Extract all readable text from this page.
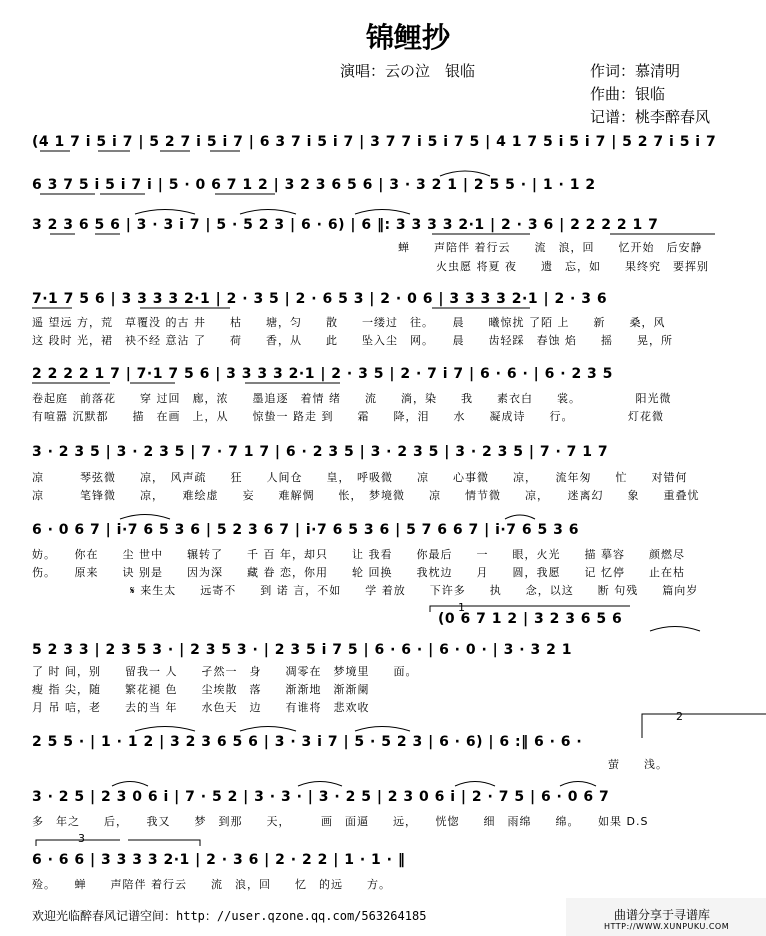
锦鲤抄
演唱：云の泣　银临	作词：慕清明
作曲：银临
记谱：桃李醉春风
(4 1 7 i 5 i 7 | 5 2 7 i 5 i 7 | 6 3 7 i 5 i 7 | 3 7 7 i 5 i 7 5 | 4 1 7 5 i 5 i 7 | 5 2 7 i 5 i 7
6 3 7 5 i 5 i 7 i | 5 · 0 6 7 1 2 | 3 2 3 6 5 6 | 3 · 3 2 1 | 2 5 5 · | 1 · 1 2
3 2 3 6 5 6 | 3 · 3 i 7 | 5 · 5 2 3 | 6 · 6) | 6 ‖: 3 3 3 3 2·1 | 2 · 3 6 | 2 2 2 2 1 7
蝉　　声陪伴 着行云　　流　浪，回　　忆开始　后安静
火虫愿 将夏 夜　　遗　忘，如　　果终究　要挥别
7·1 7 5 6 | 3 3 3 3 2·1 | 2 · 3 5 | 2 · 6 5 3 | 2 · 0 6 | 3 3 3 3 2·1 | 2 · 3 6
遥 望远 方，荒　草覆没 的古 井　　枯　　塘，匀　　散　　一缕过　往。　　晨　　曦惊扰 了陌 上　　新　　桑，风
这 段时 光，裙　袂不经 意沾 了　　荷　　香，从　　此　　坠入尘　网。　　晨　　齿轻踩　春蚀 焰　　摇　　晃，所
2 2 2 2 1 7 | 7·1 7 5 6 | 3 3 3 3 2·1 | 2 · 3 5 | 2 · 7 i 7 | 6 · 6 · | 6 · 2 3 5
卷起庭　前落花　　穿 过回　廊，浓　　墨追逐　着情 绪　　流　　淌，染　　我　　素衣白　　裳。　　　　　阳光微
有喧嚣 沉默都　　描　在画　上，从　　惊蛰一 路走 到　　霜　　降，泪　　水　　凝成诗　　行。　　　　　灯花微
3 · 2 3 5 | 3 · 2 3 5 | 7 · 7 1 7 | 6 · 2 3 5 | 3 · 2 3 5 | 3 · 2 3 5 | 7 · 7 1 7
凉　　　琴弦微　　凉，　风声疏　　狂　　人间仓　　皇，　呼吸微　　凉　　心事微　　凉，　　流年匆　　忙　　对错何
凉　　　笔锋微　　凉，　　难绘虚　　妄　　难解惆　　怅，　梦境微　　凉　　情节微　　凉，　　迷离幻　　象　　重叠忧
6 · 0 6 7 | i·7 6 5 3 6 | 5 2 3 6 7 | i·7 6 5 3 6 | 5 7 6 6 7 | i·7 6 5 3 6
妨。　　你在　　尘 世中　　辗转了　　千 百 年，却只　　让 我看　　你最后　　一　　眼，火光　　描 摹容　　颜燃尽
伤。　　原来　　诀 别是　　因为深　　藏 眷 恋，你用　　轮 回换　　我枕边　　月　　圆，我愿　　记 忆停　　止在枯
𝄋 来生太　　远寄不　　到 诺 言，不如　　学 着放　　下许多　　执　　念，以这　　断 句残　　篇向岁
1
(0 6 7 1 2 | 3 2 3 6 5 6
5 2 3 3 | 2 3 5 3 · | 2 3 5 3 · | 2 3 5 i 7 5 | 6 · 6 · | 6 · 0 · | 3 · 3 2 1
了 时 间，别　　留我一 人　　孑然一　身　　凋零在　梦境里　　面。
瘦 指 尖，随　　繁花褪 色　　尘埃散　落　　渐渐地　渐渐阑
月 吊 唁，老　　去的当 年　　水色天　边　　有谁将　悲欢收
2
2 5 5 · | 1 · 1 2 | 3 2 3 6 5 6 | 3 · 3 i 7 | 5 · 5 2 3 | 6 · 6) | 6 :‖ 6 · 6 ·
萤　　浅。
3 · 2 5 | 2 3 0 6 i | 7 · 5 2 | 3 · 3 · | 3 · 2 5 | 2 3 0 6 i | 2 · 7 5 | 6 · 0 6 7
多　年之　　后，　　我又　　梦　到那　　天，　　　画　面逼　　远，　　恍惚　　细　雨绵　　绵。　　如果 D.S
3
6 · 6 6 | 3 3 3 3 2·1 | 2 · 3 6 | 2 · 2 2 | 1 · 1 · ‖
殓。　　蝉　　声陪伴 着行云　　流　浪，回　　忆　的远　　方。
欢迎光临醉春风记谱空间：http：//user.qzone.qq.com/563264185	曲谱分享于寻谱库
HTTP://WWW.XUNPUKU.COM
